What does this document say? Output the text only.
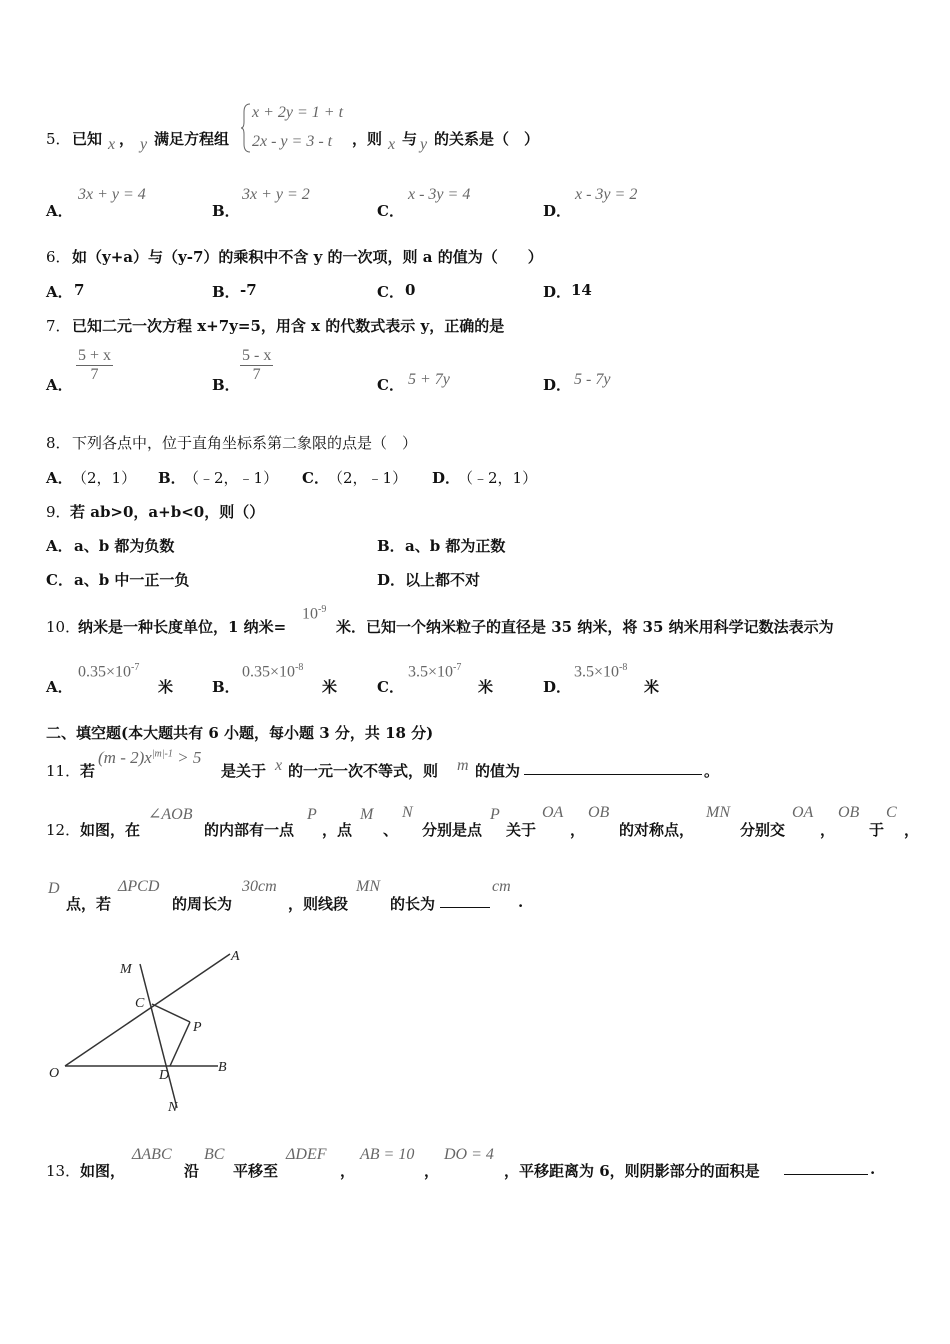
5． 已知 x ， y 满足方程组
x + 2y = 1 + t
2x - y = 3 - t ，则 x 与 y 的关系是（　）
A．
3x + y = 4
B．
3x + y = 2
C．
x - 3y = 4
D．
x - 3y = 2
6． 如（y+a）与（y-7）的乘积中不含 y 的一次项，则 a 的值为（　　）
A． 7	B． -7	C． 0	D． 14
7． 已知二元一次方程 x+7y=5，用含 x 的代数式表示 y，正确的是
A．
$\frac{5 + x}{7}$
B．
$\frac{5 - x}{7}$
C． 5 + 7y	D． 5 - 7y
8． 下列各点中，位于直角坐标系第二象限的点是（　）
A． （2，1） B．
（﹣2，﹣1） C． （2，﹣1） D．
（﹣2，1）
9． 若 ab>0，a+b<0，则（）
A． a、b 都为负数	B． a、b 都为正数
C． a、b 中一正一负	D． 以上都不对
10．
纳米是一种长度单位，1 纳米=
$10^{-9}$
米．已知一个纳米粒子的直径是 35 纳米，将 35 纳米用科学记数法表示为
A．
$0.35\times 10^{-7}$
米	B．
$0.35\times 10^{-8}$
米	C．
$3.5\times 10^{-7}$
米	D．
$3.5\times 10^{-8}$
米
二、填空题(本大题共有 6 小题，每小题 3 分，共 18 分)
11． 若
$(m - 2)x^{|m|-1} > 5$
是关于 x 的一元一次不等式，则 m 的值为	。
12． 如图，在
∠AOB
的内部有一点
P
，点
M
、
N
分别是点
P
关于
OA
，
OB
的对称点，
MN
分别交
OA
，
OB
于
C
，
D
点，若
ΔPCD
的周长为
30cm
，则线段
MN
的长为
cm
.
M
A
C
P
O	D
B
N
13． 如图，
ΔABC
沿
BC
平移至
ΔDEF
，
AB = 10
，
DO = 4
，平移距离为 6，则阴影部分的面积是	.
